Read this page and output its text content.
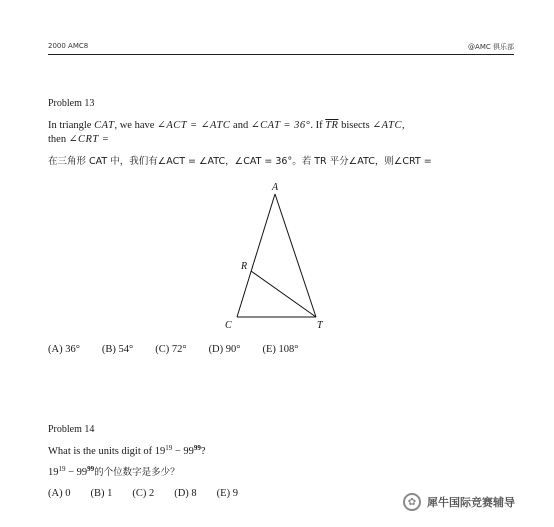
2000 AMC8	@AMC 俱乐部
Problem 13
In triangle CAT, we have ∠ACT = ∠ATC and ∠CAT = 36°. If $\overline{TR}$ bisects ∠ATC,
then ∠CRT =
在三角形 CAT 中，我们有∠ACT = ∠ATC，∠CAT = 36°。若 TR 平分∠ATC，则∠CRT =
A
R
C	T
(A) 36° (B) 54° (C) 72° (D) 90° (E) 108°
Problem 14
What is the units digit of $19^{19} - 99^{99}$?
$19^{19} - 99^{99}$的个位数字是多少？
(A) 0 (B) 1 (C) 2 (D) 8 (E) 9
✿ 犀牛国际竞赛辅导
